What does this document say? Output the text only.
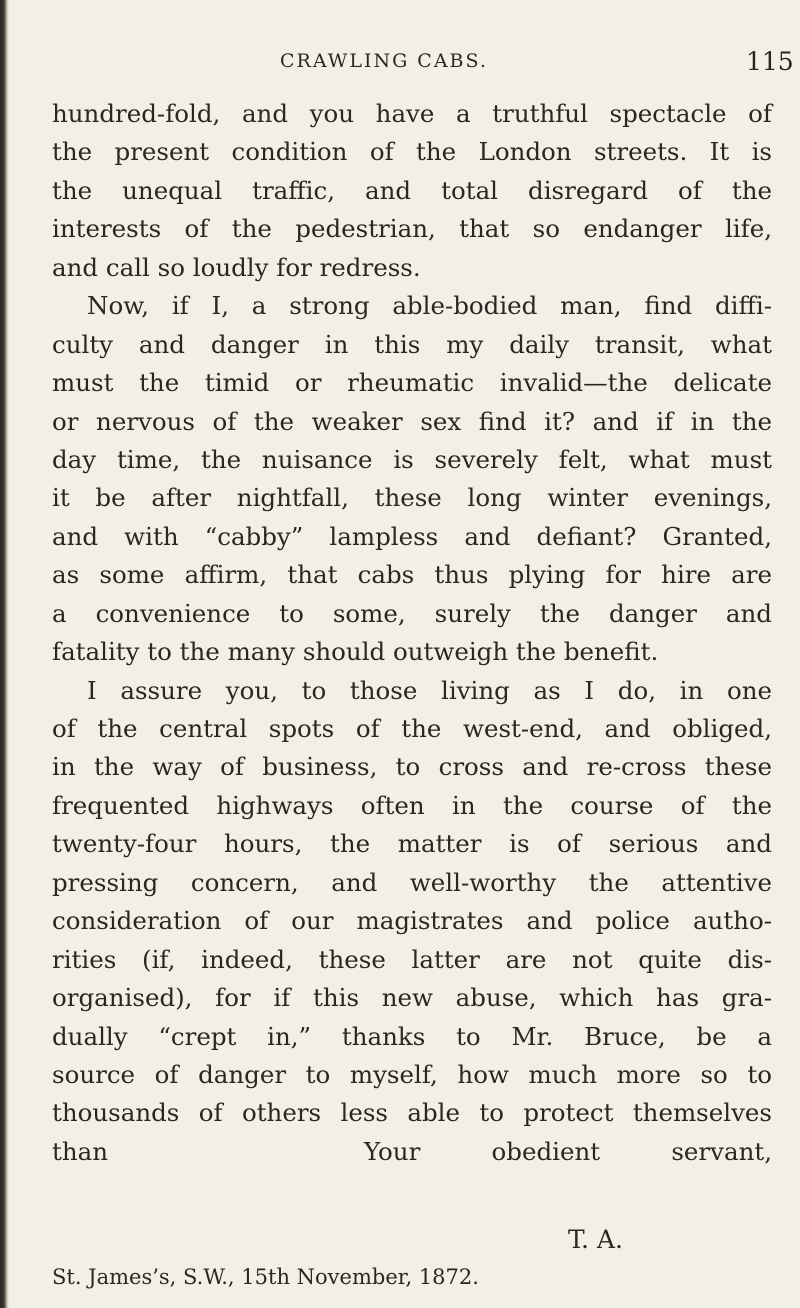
CRAWLING CABS.	115
hundred-fold, and you have a truthful spectacle of
the present condition of the London streets. It is
the unequal traffic, and total disregard of the
interests of the pedestrian, that so endanger life,
and call so loudly for redress.
Now, if I, a strong able-bodied man, find diffi-
culty and danger in this my daily transit, what
must the timid or rheumatic invalid—the delicate
or nervous of the weaker sex find it? and if in the
day time, the nuisance is severely felt, what must
it be after nightfall, these long winter evenings,
and with “cabby” lampless and defiant? Granted,
as some affirm, that cabs thus plying for hire are
a convenience to some, surely the danger and
fatality to the many should outweigh the benefit.
I assure you, to those living as I do, in one
of the central spots of the west-end, and obliged,
in the way of business, to cross and re-cross these
frequented highways often in the course of the
twenty-four hours, the matter is of serious and
pressing concern, and well-worthy the attentive
consideration of our magistrates and police autho-
rities (if, indeed, these latter are not quite dis-
organised), for if this new abuse, which has gra-
dually “crept in,” thanks to Mr. Bruce, be a
source of danger to myself, how much more so to
thousands of others less able to protect themselves
than	Your obedient servant,
T. A.
St. James’s, S.W., 15th November, 1872.
